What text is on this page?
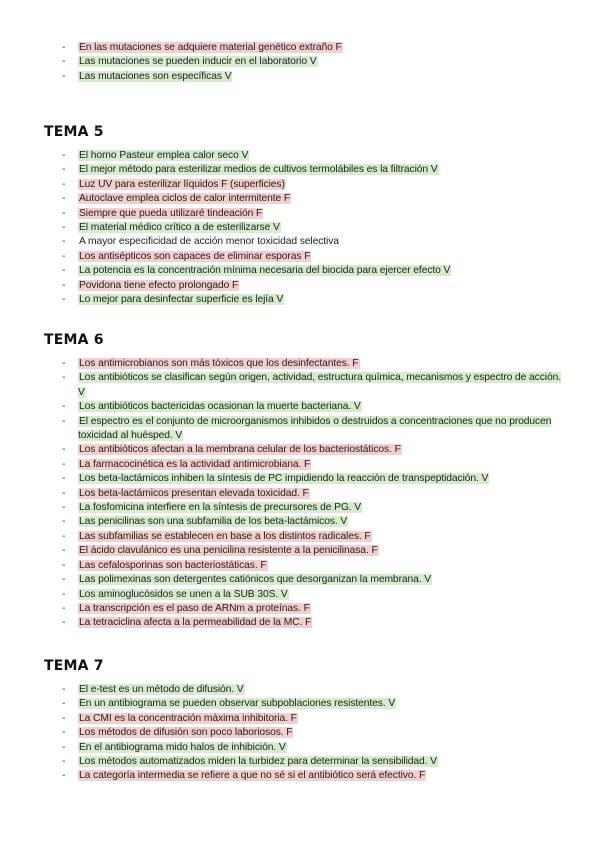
- En las mutaciones se adquiere material genético extraño F
- Las mutaciones se pueden inducir en el laboratorio V
- Las mutaciones son específicas V
TEMA 5
- El horno Pasteur emplea calor seco V
- El mejor método para esterilizar medios de cultivos termolábiles es la filtración V
- Luz UV para esterilizar líquidos F (superficies)
- Autoclave emplea ciclos de calor intermitente F
- Siempre que pueda utilizaré tindeación F
- El material médico crítico a de esterilizarse V
- A mayor especificidad de acción menor toxicidad selectiva
- Los antisépticos son capaces de eliminar esporas F
- La potencia es la concentración mínima necesaria del biocida para ejercer efecto V
- Povidona tiene efecto prolongado F
- Lo mejor para desinfectar superficie es lejía V
TEMA 6
- Los antimicrobianos son más tóxicos que los desinfectantes. F
- Los antibióticos se clasifican según origen, actividad, estructura química, mecanismos y espectro de acción. V
- Los antibióticos bactericidas ocasionan la muerte bacteriana. V
- El espectro es el conjunto de microorganismos inhibidos o destruidos a concentraciones que no producen toxicidad al huésped. V
- Los antibióticos afectan a la membrana celular de los bacteriostáticos. F
- La farmacocinética es la actividad antimicrobiana. F
- Los beta-lactámicos inhiben la síntesis de PC impidiendo la reacción de transpeptidación. V
- Los beta-lactámicos presentan elevada toxicidad. F
- La fosfomicina interfiere en la síntesis de precursores de PG. V
- Las penicilinas son una subfamilia de los beta-lactámicos. V
- Las subfamilias se establecen en base a los distintos radicales. F
- El ácido clavulánico es una penicilina resistente a la penicilinasa. F
- Las cefalosporinas son bacteriostáticas. F
- Las polimexinas son detergentes catiónicos que desorganizan la membrana. V
- Los aminoglucósidos se unen a la SUB 30S. V
- La transcripción es el paso de ARNm a proteínas. F
- La tetraciclina afecta a la permeabilidad de la MC. F
TEMA 7
- El e-test es un método de difusión. V
- En un antibiograma se pueden observar subpoblaciones resistentes. V
- La CMI es la concentración máxima inhibitoria. F
- Los métodos de difusión son poco laboriosos. F
- En el antibiograma mido halos de inhibición. V
- Los métodos automatizados miden la turbidez para determinar la sensibilidad. V
- La categoría intermedia se refiere a que no sé si el antibiótico será efectivo. F
